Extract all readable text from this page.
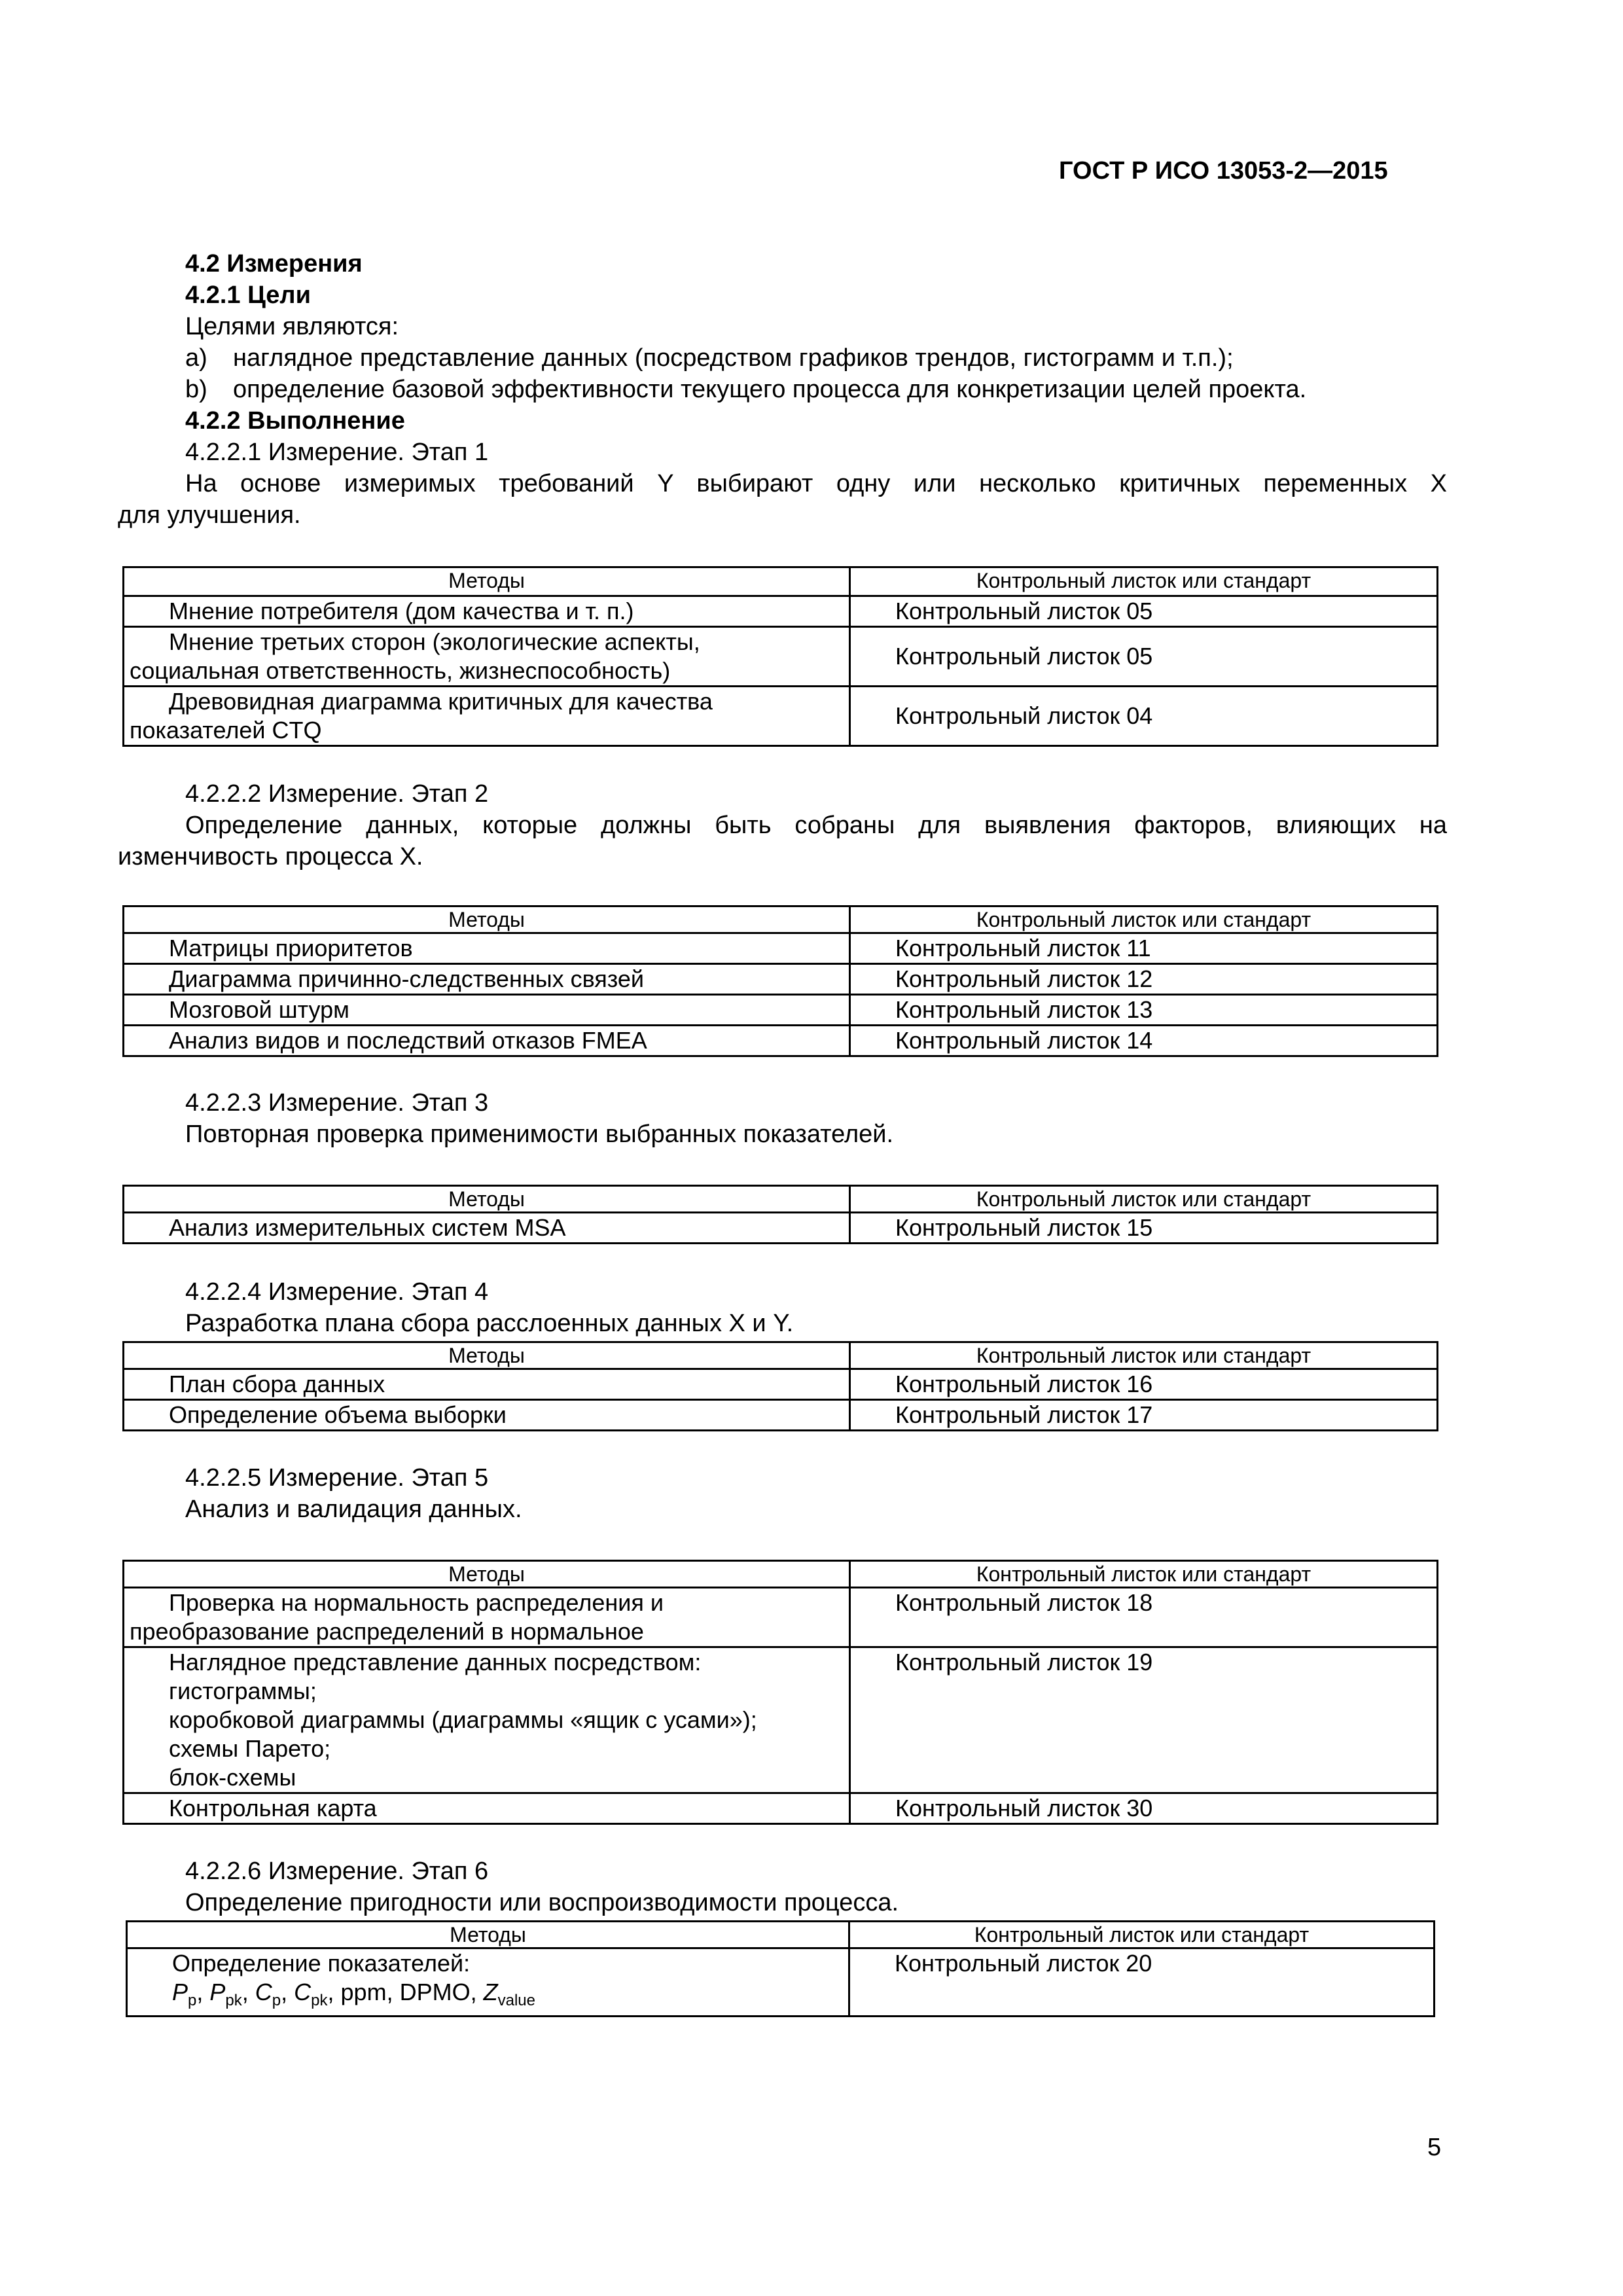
ГОСТ Р ИСО 13053-2—2015
4.2 Измерения
4.2.1 Цели
Целями являются:
a) наглядное представление данных (посредством графиков трендов, гистограмм и т.п.);
b) определение базовой эффективности текущего процесса для конкретизации целей проекта.
4.2.2 Выполнение
4.2.2.1 Измерение. Этап 1
На основе измеримых требований Y выбирают одну или несколько критичных переменных X
для улучшения.
Методы	Контрольный листок или стандарт
Мнение потребителя (дом качества и т. п.)	Контрольный листок 05
Мнение третьих сторон (экологические аспекты,
социальная ответственность, жизнеспособность)	Контрольный листок 05
Древовидная диаграмма критичных для качества
показателей CTQ	Контрольный листок 04
4.2.2.2 Измерение. Этап 2
Определение данных, которые должны быть собраны для выявления факторов, влияющих на
изменчивость процесса X.
Методы	Контрольный листок или стандарт
Матрицы приоритетов	Контрольный листок 11
Диаграмма причинно-следственных связей	Контрольный листок 12
Мозговой штурм	Контрольный листок 13
Анализ видов и последствий отказов FMEA	Контрольный листок 14
4.2.2.3 Измерение. Этап 3
Повторная проверка применимости выбранных показателей.
Методы	Контрольный листок или стандарт
Анализ измерительных систем MSA	Контрольный листок 15
4.2.2.4 Измерение. Этап 4
Разработка плана сбора расслоенных данных X и Y.
Методы	Контрольный листок или стандарт
План сбора данных	Контрольный листок 16
Определение объема выборки	Контрольный листок 17
4.2.2.5 Измерение. Этап 5
Анализ и валидация данных.
Методы	Контрольный листок или стандарт
Проверка на нормальность распределения и
преобразование распределений в нормальное	Контрольный листок 18
Наглядное представление данных посредством:
гистограммы;
коробковой диаграммы (диаграммы «ящик с усами»);
схемы Парето;
блок-схемы	Контрольный листок 19
Контрольная карта	Контрольный листок 30
4.2.2.6 Измерение. Этап 6
Определение пригодности или воспроизводимости процесса.
Методы	Контрольный листок или стандарт
Определение показателей:
$P_p$, $P_{pk}$, $C_p$, $C_{pk}$, ppm, DPMO, $Z_{value}$	Контрольный листок 20
5
